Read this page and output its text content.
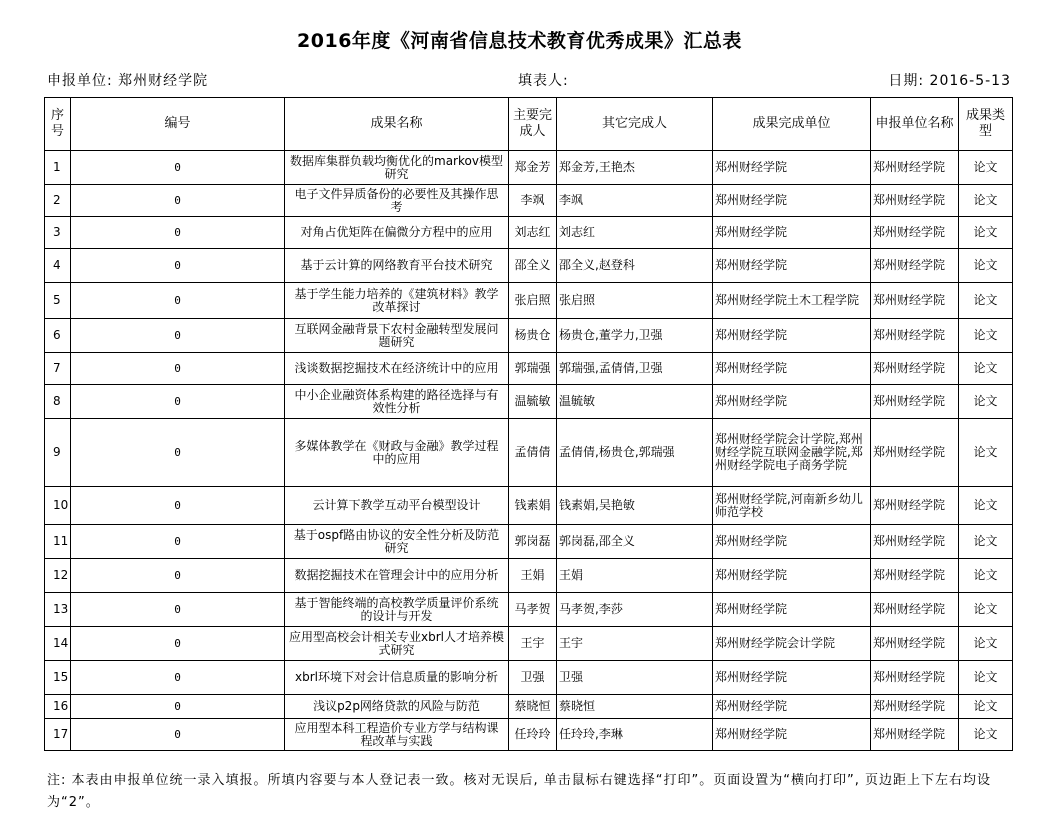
2016年度《河南省信息技术教育优秀成果》汇总表
申报单位: 郑州财经学院	填表人:	日期: 2016-5-13
序号	编号	成果名称	主要完成人	其它完成人	成果完成单位	申报单位名称	成果类型
1	0	数据库集群负载均衡优化的markov模型研究	郑金芳	郑金芳,王艳杰	郑州财经学院	郑州财经学院	论文
2	0	电子文件异质备份的必要性及其操作思考	李飒	李飒	郑州财经学院	郑州财经学院	论文
3	0	对角占优矩阵在偏微分方程中的应用	刘志红	刘志红	郑州财经学院	郑州财经学院	论文
4	0	基于云计算的网络教育平台技术研究	邵全义	邵全义,赵登科	郑州财经学院	郑州财经学院	论文
5	0	基于学生能力培养的《建筑材料》教学改革探讨	张启照	张启照	郑州财经学院土木工程学院	郑州财经学院	论文
6	0	互联网金融背景下农村金融转型发展问题研究	杨贵仓	杨贵仓,董学力,卫强	郑州财经学院	郑州财经学院	论文
7	0	浅谈数据挖掘技术在经济统计中的应用	郭瑞强	郭瑞强,孟倩倩,卫强	郑州财经学院	郑州财经学院	论文
8	0	中小企业融资体系构建的路径选择与有效性分析	温毓敏	温毓敏	郑州财经学院	郑州财经学院	论文
9	0	多媒体教学在《财政与金融》教学过程中的应用	孟倩倩	孟倩倩,杨贵仓,郭瑞强	郑州财经学院会计学院,郑州财经学院互联网金融学院,郑州财经学院电子商务学院	郑州财经学院	论文
10	0	云计算下教学互动平台模型设计	钱素娟	钱素娟,吴艳敏	郑州财经学院,河南新乡幼儿师范学校	郑州财经学院	论文
11	0	基于ospf路由协议的安全性分析及防范研究	郭岗磊	郭岗磊,邵全义	郑州财经学院	郑州财经学院	论文
12	0	数据挖掘技术在管理会计中的应用分析	王娟	王娟	郑州财经学院	郑州财经学院	论文
13	0	基于智能终端的高校教学质量评价系统的设计与开发	马孝贺	马孝贺,李莎	郑州财经学院	郑州财经学院	论文
14	0	应用型高校会计相关专业xbrl人才培养模式研究	王宇	王宇	郑州财经学院会计学院	郑州财经学院	论文
15	0	xbrl环境下对会计信息质量的影响分析	卫强	卫强	郑州财经学院	郑州财经学院	论文
16	0	浅议p2p网络贷款的风险与防范	蔡晓恒	蔡晓恒	郑州财经学院	郑州财经学院	论文
17	0	应用型本科工程造价专业方学与结构课程改革与实践	任玲玲	任玲玲,李琳	郑州财经学院	郑州财经学院	论文
注: 本表由申报单位统一录入填报。所填内容要与本人登记表一致。核对无误后, 单击鼠标右键选择“打印”。页面设置为“横向打印”, 页边距上下左右均设为“2”。
